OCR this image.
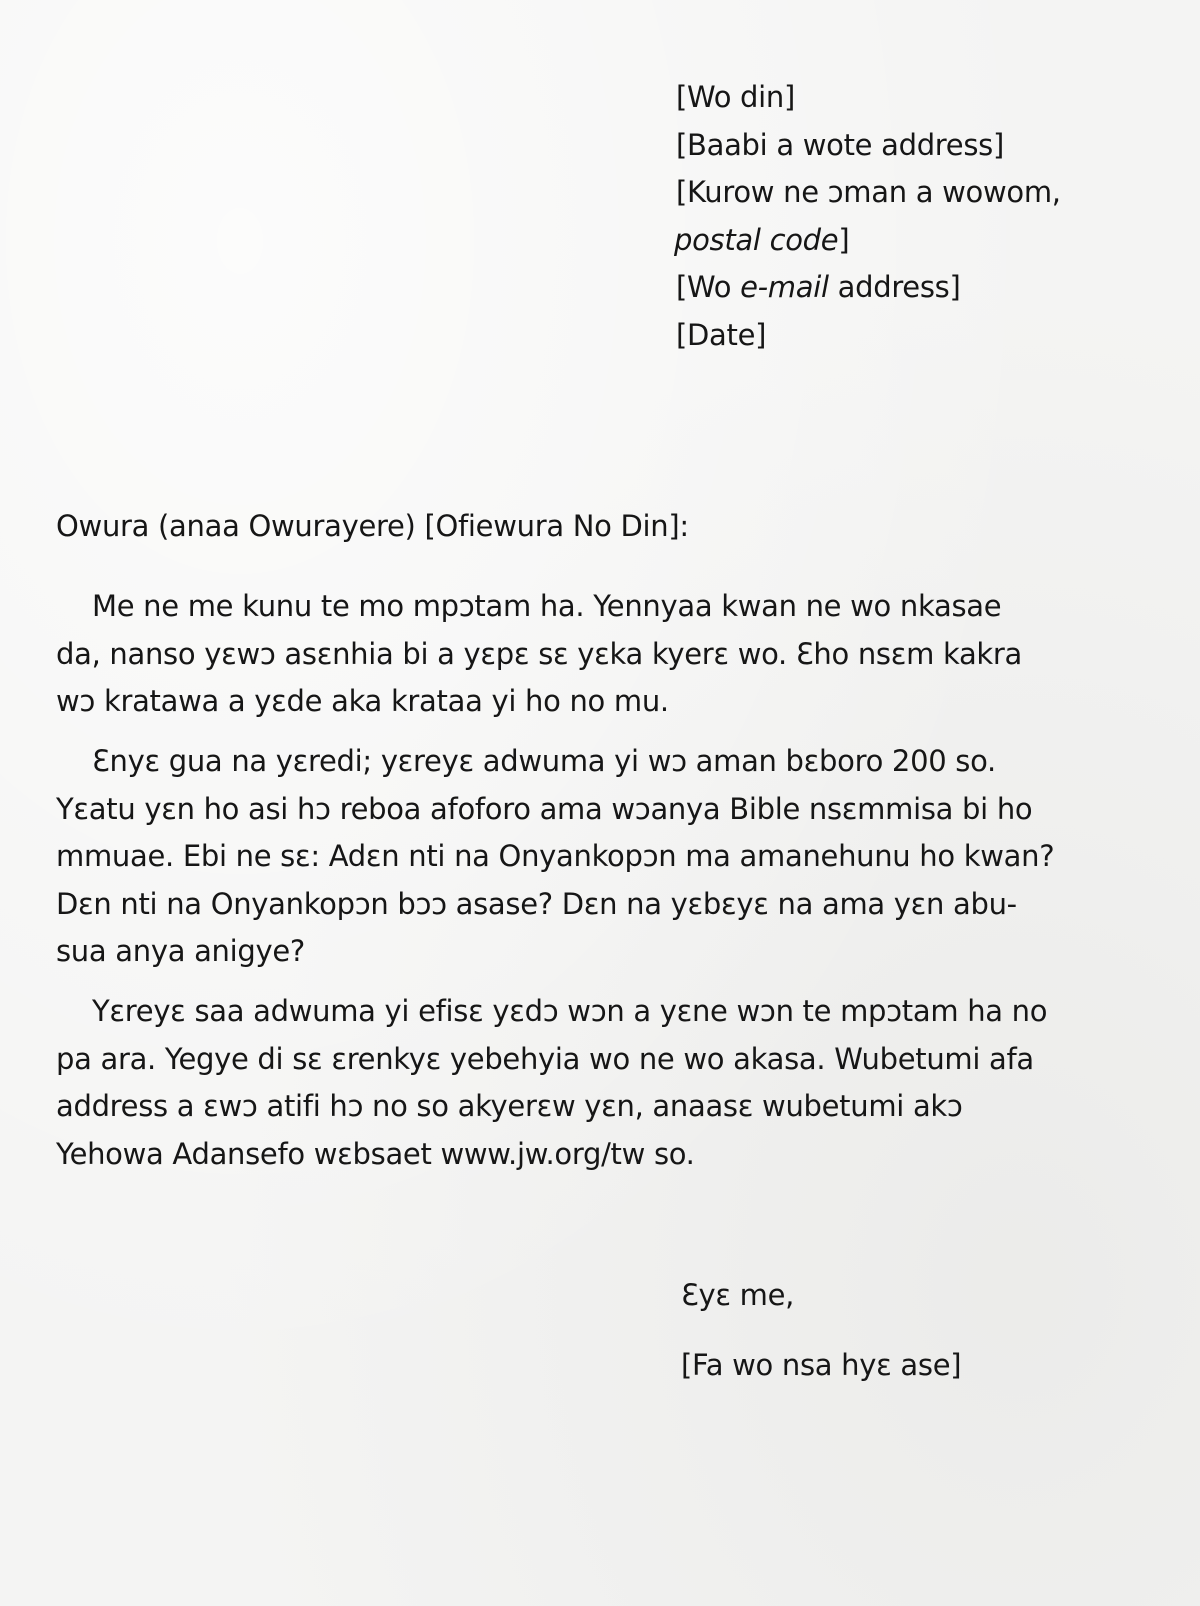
[Wo din]
[Baabi a wote address]
[Kurow ne ɔman a wowom,
postal code]
[Wo e-mail address]
[Date]
Owura (anaa Owurayere) [Ofiewura No Din]:

Me ne me kunu te mo mpɔtam ha. Yennyaa kwan ne wo nkasae
da, nanso yɛwɔ asɛnhia bi a yɛpɛ sɛ yɛka kyerɛ wo. Ɛho nsɛm kakra
wɔ kratawa a yɛde aka krataa yi ho no mu.

Ɛnyɛ gua na yɛredi; yɛreyɛ adwuma yi wɔ aman bɛboro 200 so.
Yɛatu yɛn ho asi hɔ reboa afoforo ama wɔanya Bible nsɛmmisa bi ho
mmuae. Ebi ne sɛ: Adɛn nti na Onyankopɔn ma amanehunu ho kwan?
Dɛn nti na Onyankopɔn bɔɔ asase? Dɛn na yɛbɛyɛ na ama yɛn abu-
sua anya anigye?

Yɛreyɛ saa adwuma yi efisɛ yɛdɔ wɔn a yɛne wɔn te mpɔtam ha no
pa ara. Yegye di sɛ ɛrenkyɛ yebehyia wo ne wo akasa. Wubetumi afa
address a ɛwɔ atifi hɔ no so akyerɛw yɛn, anaasɛ wubetumi akɔ
Yehowa Adansefo wɛbsaet www.jw.org/tw so.

Ɛyɛ me,
[Fa wo nsa hyɛ ase]
